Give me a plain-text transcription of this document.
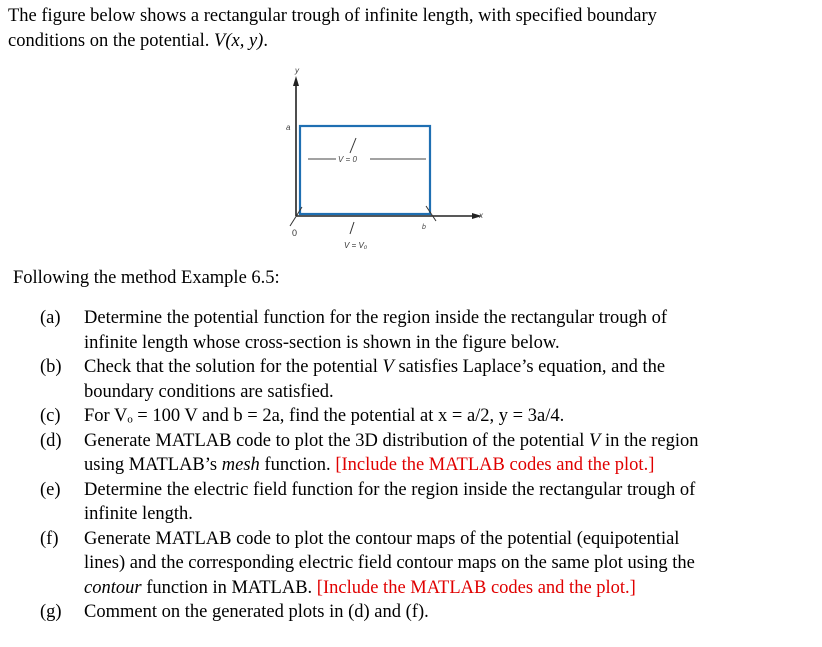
The figure below shows a rectangular trough of infinite length, with specified boundary
conditions on the potential. V(x, y).
y
x
a
V = 0
0
b
V = V₀
Following the method Example 6.5:
(a)	Determine the potential function for the region inside the rectangular trough of
infinite length whose cross-section is shown in the figure below.
(b)	Check that the solution for the potential V satisfies Laplace’s equation, and the
boundary conditions are satisfied.
(c)	For Vₒ = 100 V and b = 2a, find the potential at x = a/2, y = 3a/4.
(d)	Generate MATLAB code to plot the 3D distribution of the potential V in the region
using MATLAB’s mesh function. [Include the MATLAB codes and the plot.]
(e)	Determine the electric field function for the region inside the rectangular trough of
infinite length.
(f)	Generate MATLAB code to plot the contour maps of the potential (equipotential
lines) and the corresponding electric field contour maps on the same plot using the
contour function in MATLAB. [Include the MATLAB codes and the plot.]
(g)	Comment on the generated plots in (d) and (f).
